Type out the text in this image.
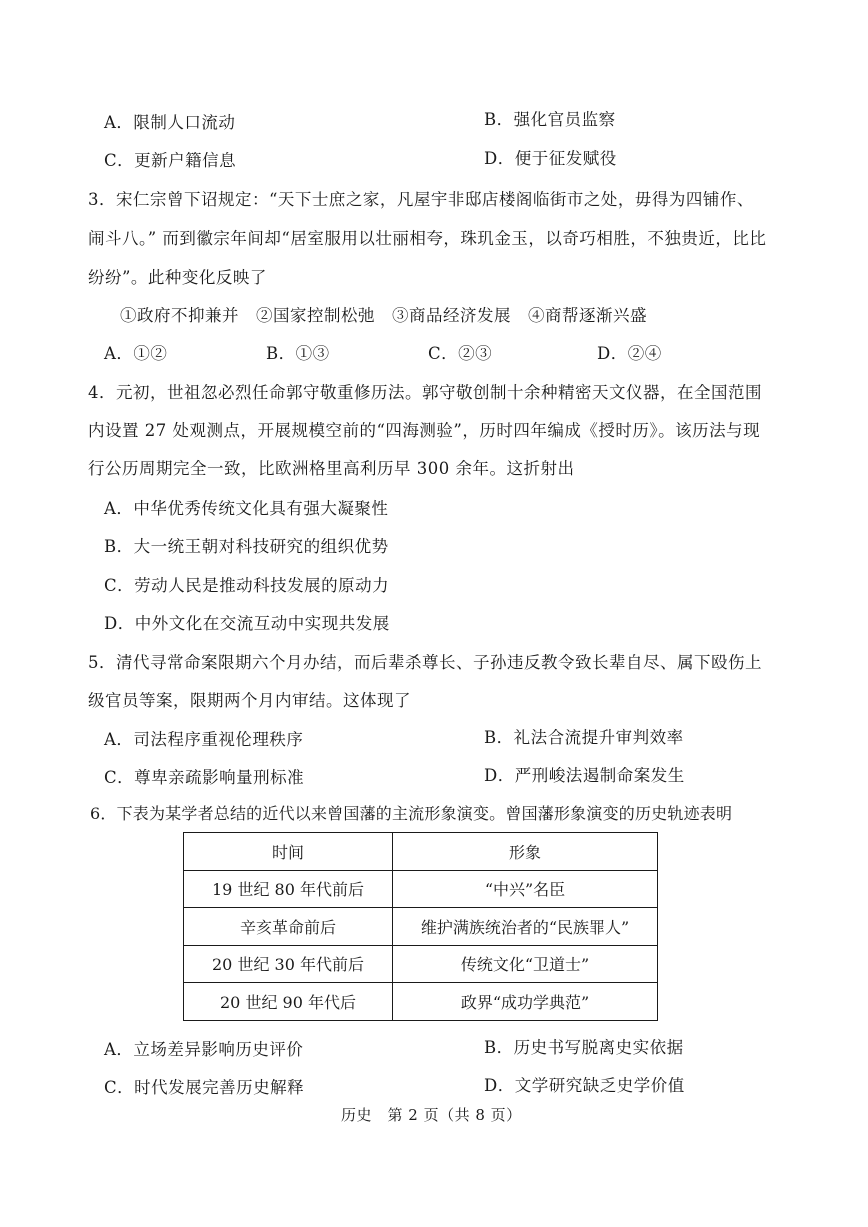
A．限制人口流动	B．强化官员监察
C．更新户籍信息	D．便于征发赋役
3．宋仁宗曾下诏规定：“天下士庶之家，凡屋宇非邸店楼阁临街市之处，毋得为四铺作、
闹斗八。” 而到徽宗年间却“居室服用以壮丽相夸，珠玑金玉，以奇巧相胜，不独贵近，比比
纷纷”。此种变化反映了
①政府不抑兼并　②国家控制松弛　③商品经济发展　④商帮逐渐兴盛
A．①②	B．①③	C．②③	D．②④
4．元初，世祖忽必烈任命郭守敬重修历法。郭守敬创制十余种精密天文仪器，在全国范围
内设置 27 处观测点，开展规模空前的“四海测验”，历时四年编成《授时历》。该历法与现
行公历周期完全一致，比欧洲格里高利历早 300 余年。这折射出
A．中华优秀传统文化具有强大凝聚性
B．大一统王朝对科技研究的组织优势
C．劳动人民是推动科技发展的原动力
D．中外文化在交流互动中实现共发展
5．清代寻常命案限期六个月办结，而后辈杀尊长、子孙违反教令致长辈自尽、属下殴伤上
级官员等案，限期两个月内审结。这体现了
A．司法程序重视伦理秩序	B．礼法合流提升审判效率
C．尊卑亲疏影响量刑标准	D．严刑峻法遏制命案发生
6．下表为某学者总结的近代以来曾国藩的主流形象演变。曾国藩形象演变的历史轨迹表明
时间	形象
19 世纪 80 年代前后	“中兴”名臣
辛亥革命前后	维护满族统治者的“民族罪人”
20 世纪 30 年代前后	传统文化“卫道士”
20 世纪 90 年代后	政界“成功学典范”
A．立场差异影响历史评价	B．历史书写脱离史实依据
C．时代发展完善历史解释	D．文学研究缺乏史学价值
历史　第 2 页（共 8 页）
